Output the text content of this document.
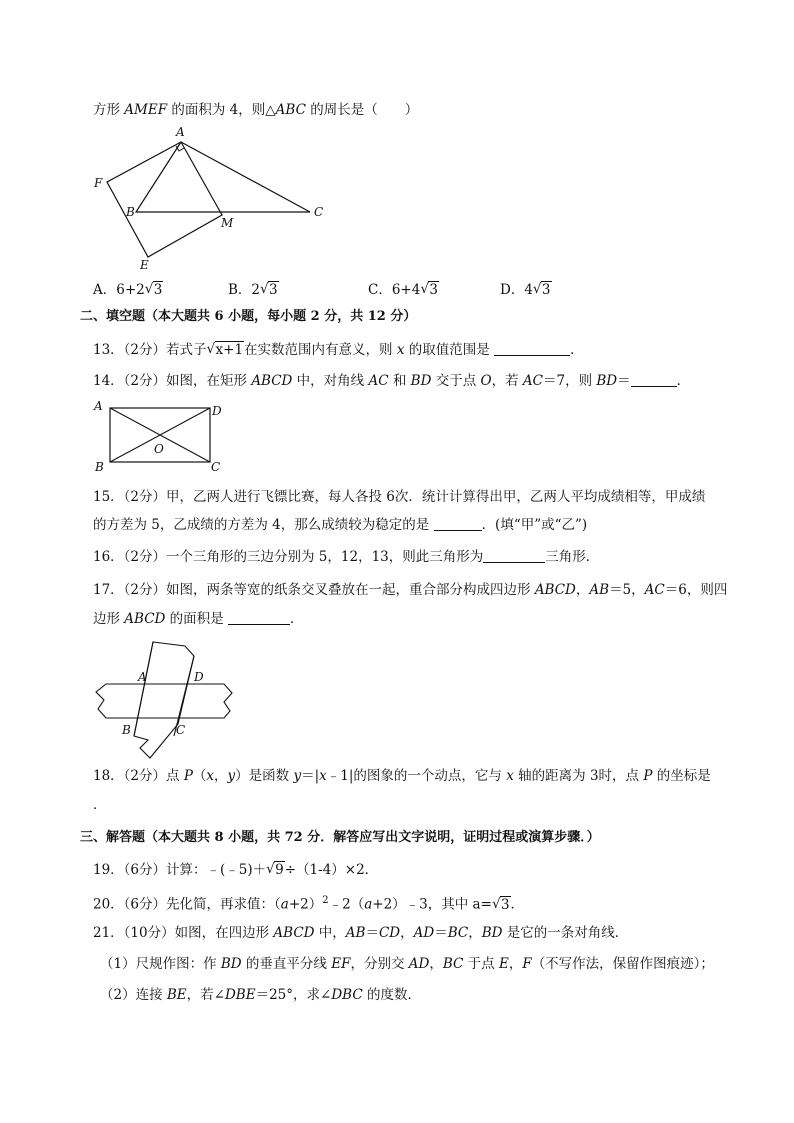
方形 AMEF 的面积为 4，则△ABC 的周长是（　　）
A
F
B
M
C
E
A．6+2 √ 3	B．2 √ 3	C．6+4 √ 3	D．4 √ 3
二、填空题（本大题共 6 小题，每小题 2 分，共 12 分）
13．（2分）若式子 √ x+1在实数范围内有意义，则 x 的取值范围是	．
14．（2分）如图，在矩形 ABCD 中，对角线 AC 和 BD 交于点 O，若 AC＝7，则 BD＝	．
A	D
O
B	C
15．（2分）甲，乙两人进行飞镖比赛，每人各投 6次．统计计算得出甲，乙两人平均成绩相等，甲成绩
的方差为 5，乙成绩的方差为 4，那么成绩较为稳定的是	．(填“甲”或“乙”)
16．（2分）一个三角形的三边分别为 5，12，13，则此三角形为	三角形．
17．（2分）如图，两条等宽的纸条交叉叠放在一起，重合部分构成四边形 ABCD，AB＝5，AC＝6，则四
边形 ABCD 的面积是	．
A	D
B	C
18．（2分）点 P（x，y）是函数 y＝|x﹣1|的图象的一个动点，它与 x 轴的距离为 3时，点 P 的坐标是
．
三、解答题（本大题共 8 小题，共 72 分．解答应写出文字说明，证明过程或演算步骤．）
19．（6分）计算：﹣(﹣5)＋ √ 9÷（1-4）×2．
20．（6分）先化简，再求值：$(a+2)^2﹣2(a+2)﹣3$，其中 a= √ 3．
21．（10分）如图，在四边形 ABCD 中，AB＝CD，AD＝BC，BD 是它的一条对角线．
（1）尺规作图：作 BD 的垂直平分线 EF，分别交 AD，BC 于点 E，F（不写作法，保留作图痕迹）；
（2）连接 BE，若∠DBE＝25°，求∠DBC 的度数．
